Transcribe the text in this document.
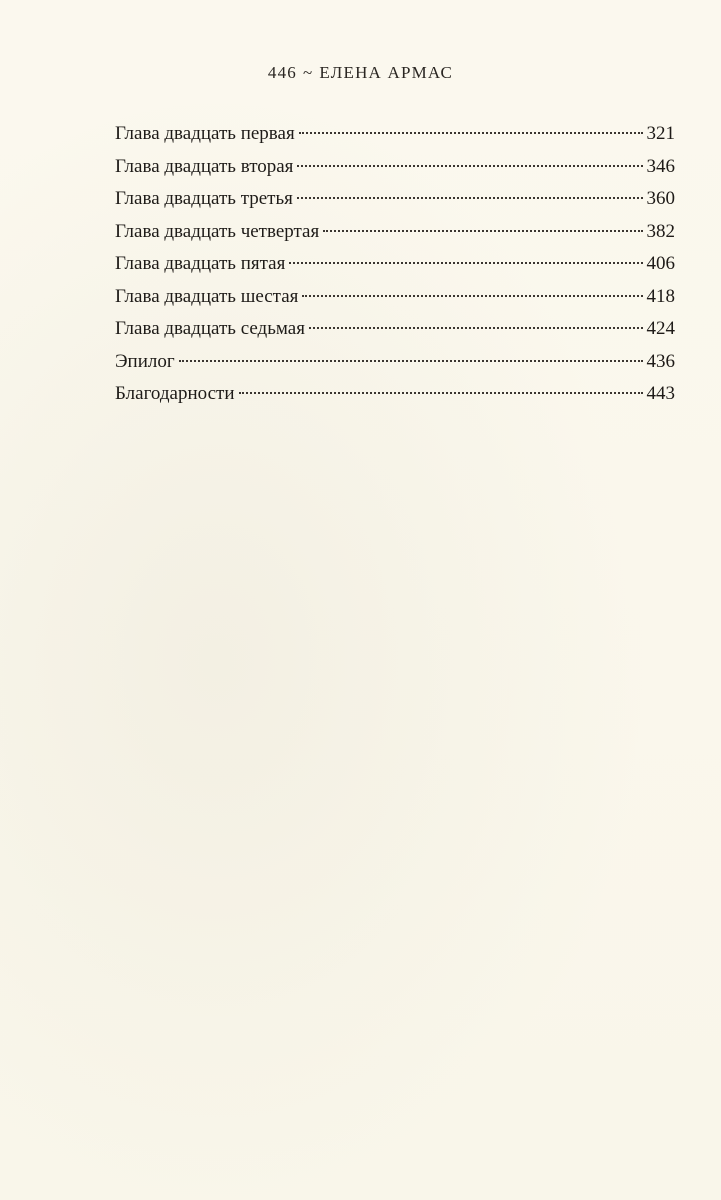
446 ~ ЕЛЕНА АРМАС
Глава двадцать первая	321
Глава двадцать вторая	346
Глава двадцать третья	360
Глава двадцать четвертая	382
Глава двадцать пятая	406
Глава двадцать шестая	418
Глава двадцать седьмая	424
Эпилог	436
Благодарности	443
